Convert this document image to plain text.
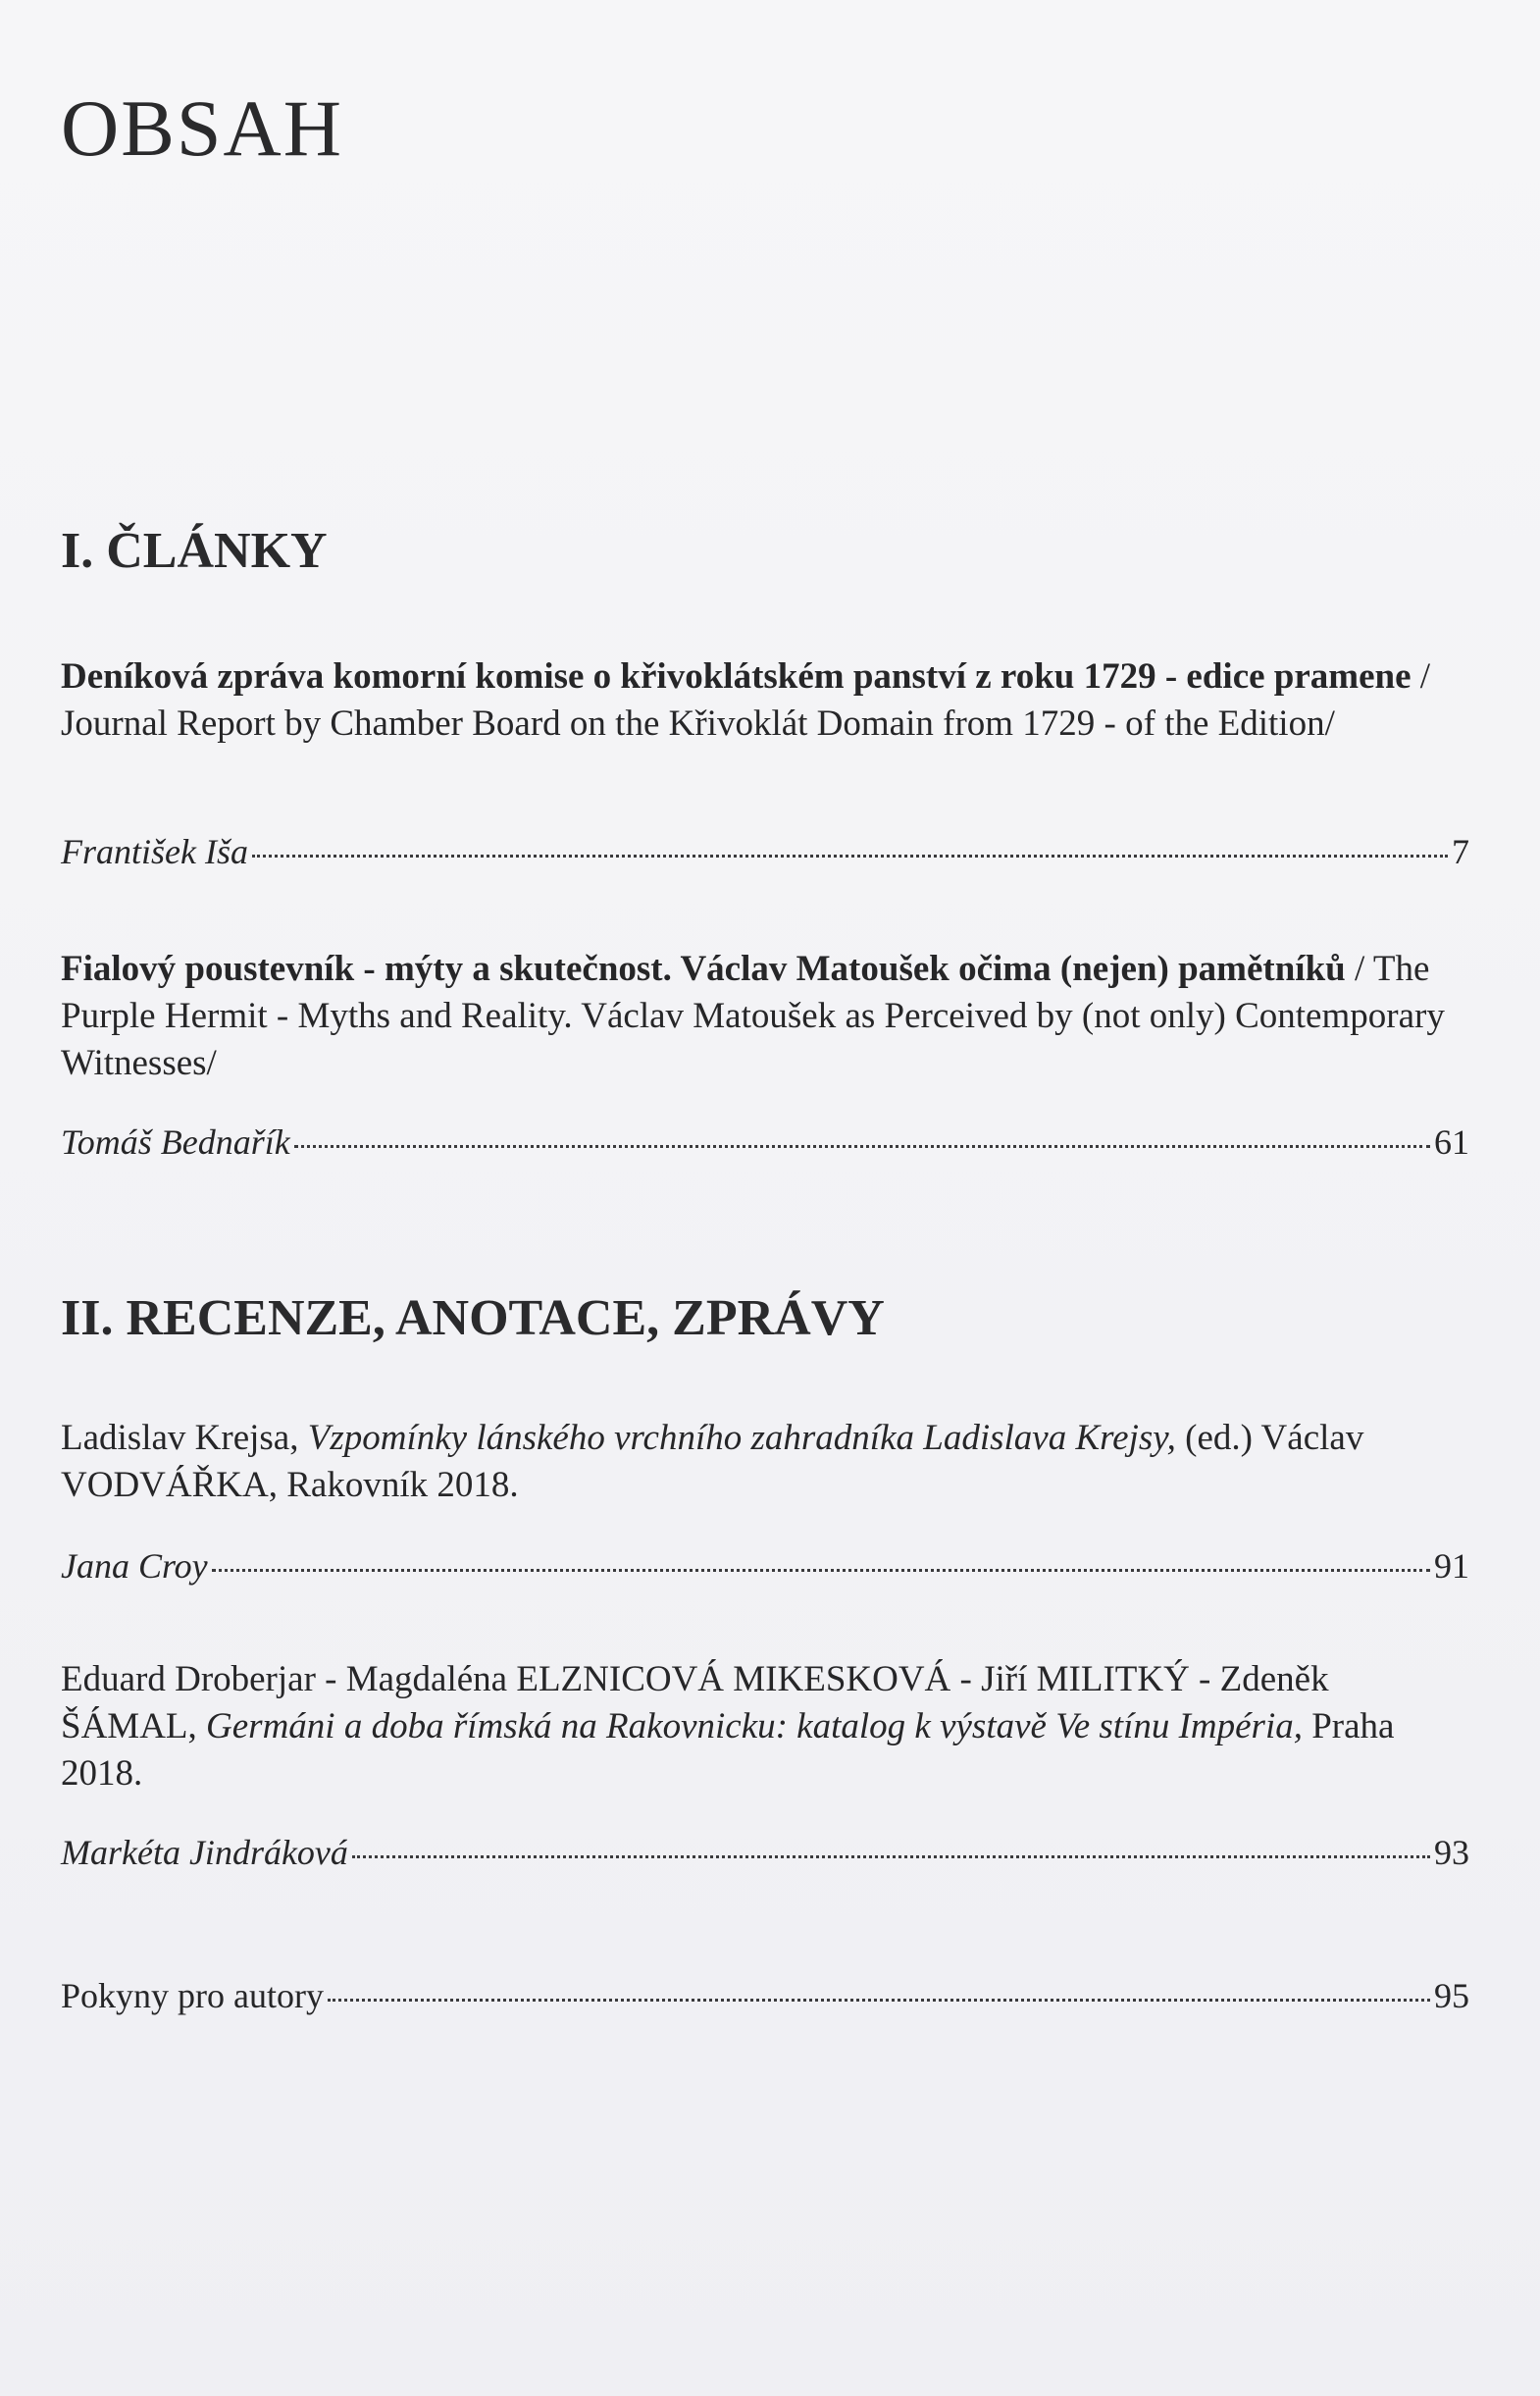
OBSAH
I. ČLÁNKY

Deníková zpráva komorní komise o křivoklátském panství z roku 1729 - edice pramene / Journal Report by Chamber Board on the Křivoklát Domain from 1729 - of the Edition/

František Iša	7

Fialový poustevník - mýty a skutečnost. Václav Matoušek očima (nejen) pamětníků / The Purple Hermit - Myths and Reality. Václav Matoušek as Perceived by (not only) Contemporary Witnesses/

Tomáš Bednařík	61
II. RECENZE, ANOTACE, ZPRÁVY

Ladislav Krejsa, Vzpomínky lánského vrchního zahradníka Ladislava Krejsy, (ed.) Václav VODVÁŘKA, Rakovník 2018.

Jana Croy	91

Eduard Droberjar - Magdaléna ELZNICOVÁ MIKESKOVÁ - Jiří MILITKÝ - Zdeněk ŠÁMAL, Germáni a doba římská na Rakovnicku: katalog k výstavě Ve stínu Impéria, Praha 2018.

Markéta Jindráková	93
Pokyny pro autory	95
